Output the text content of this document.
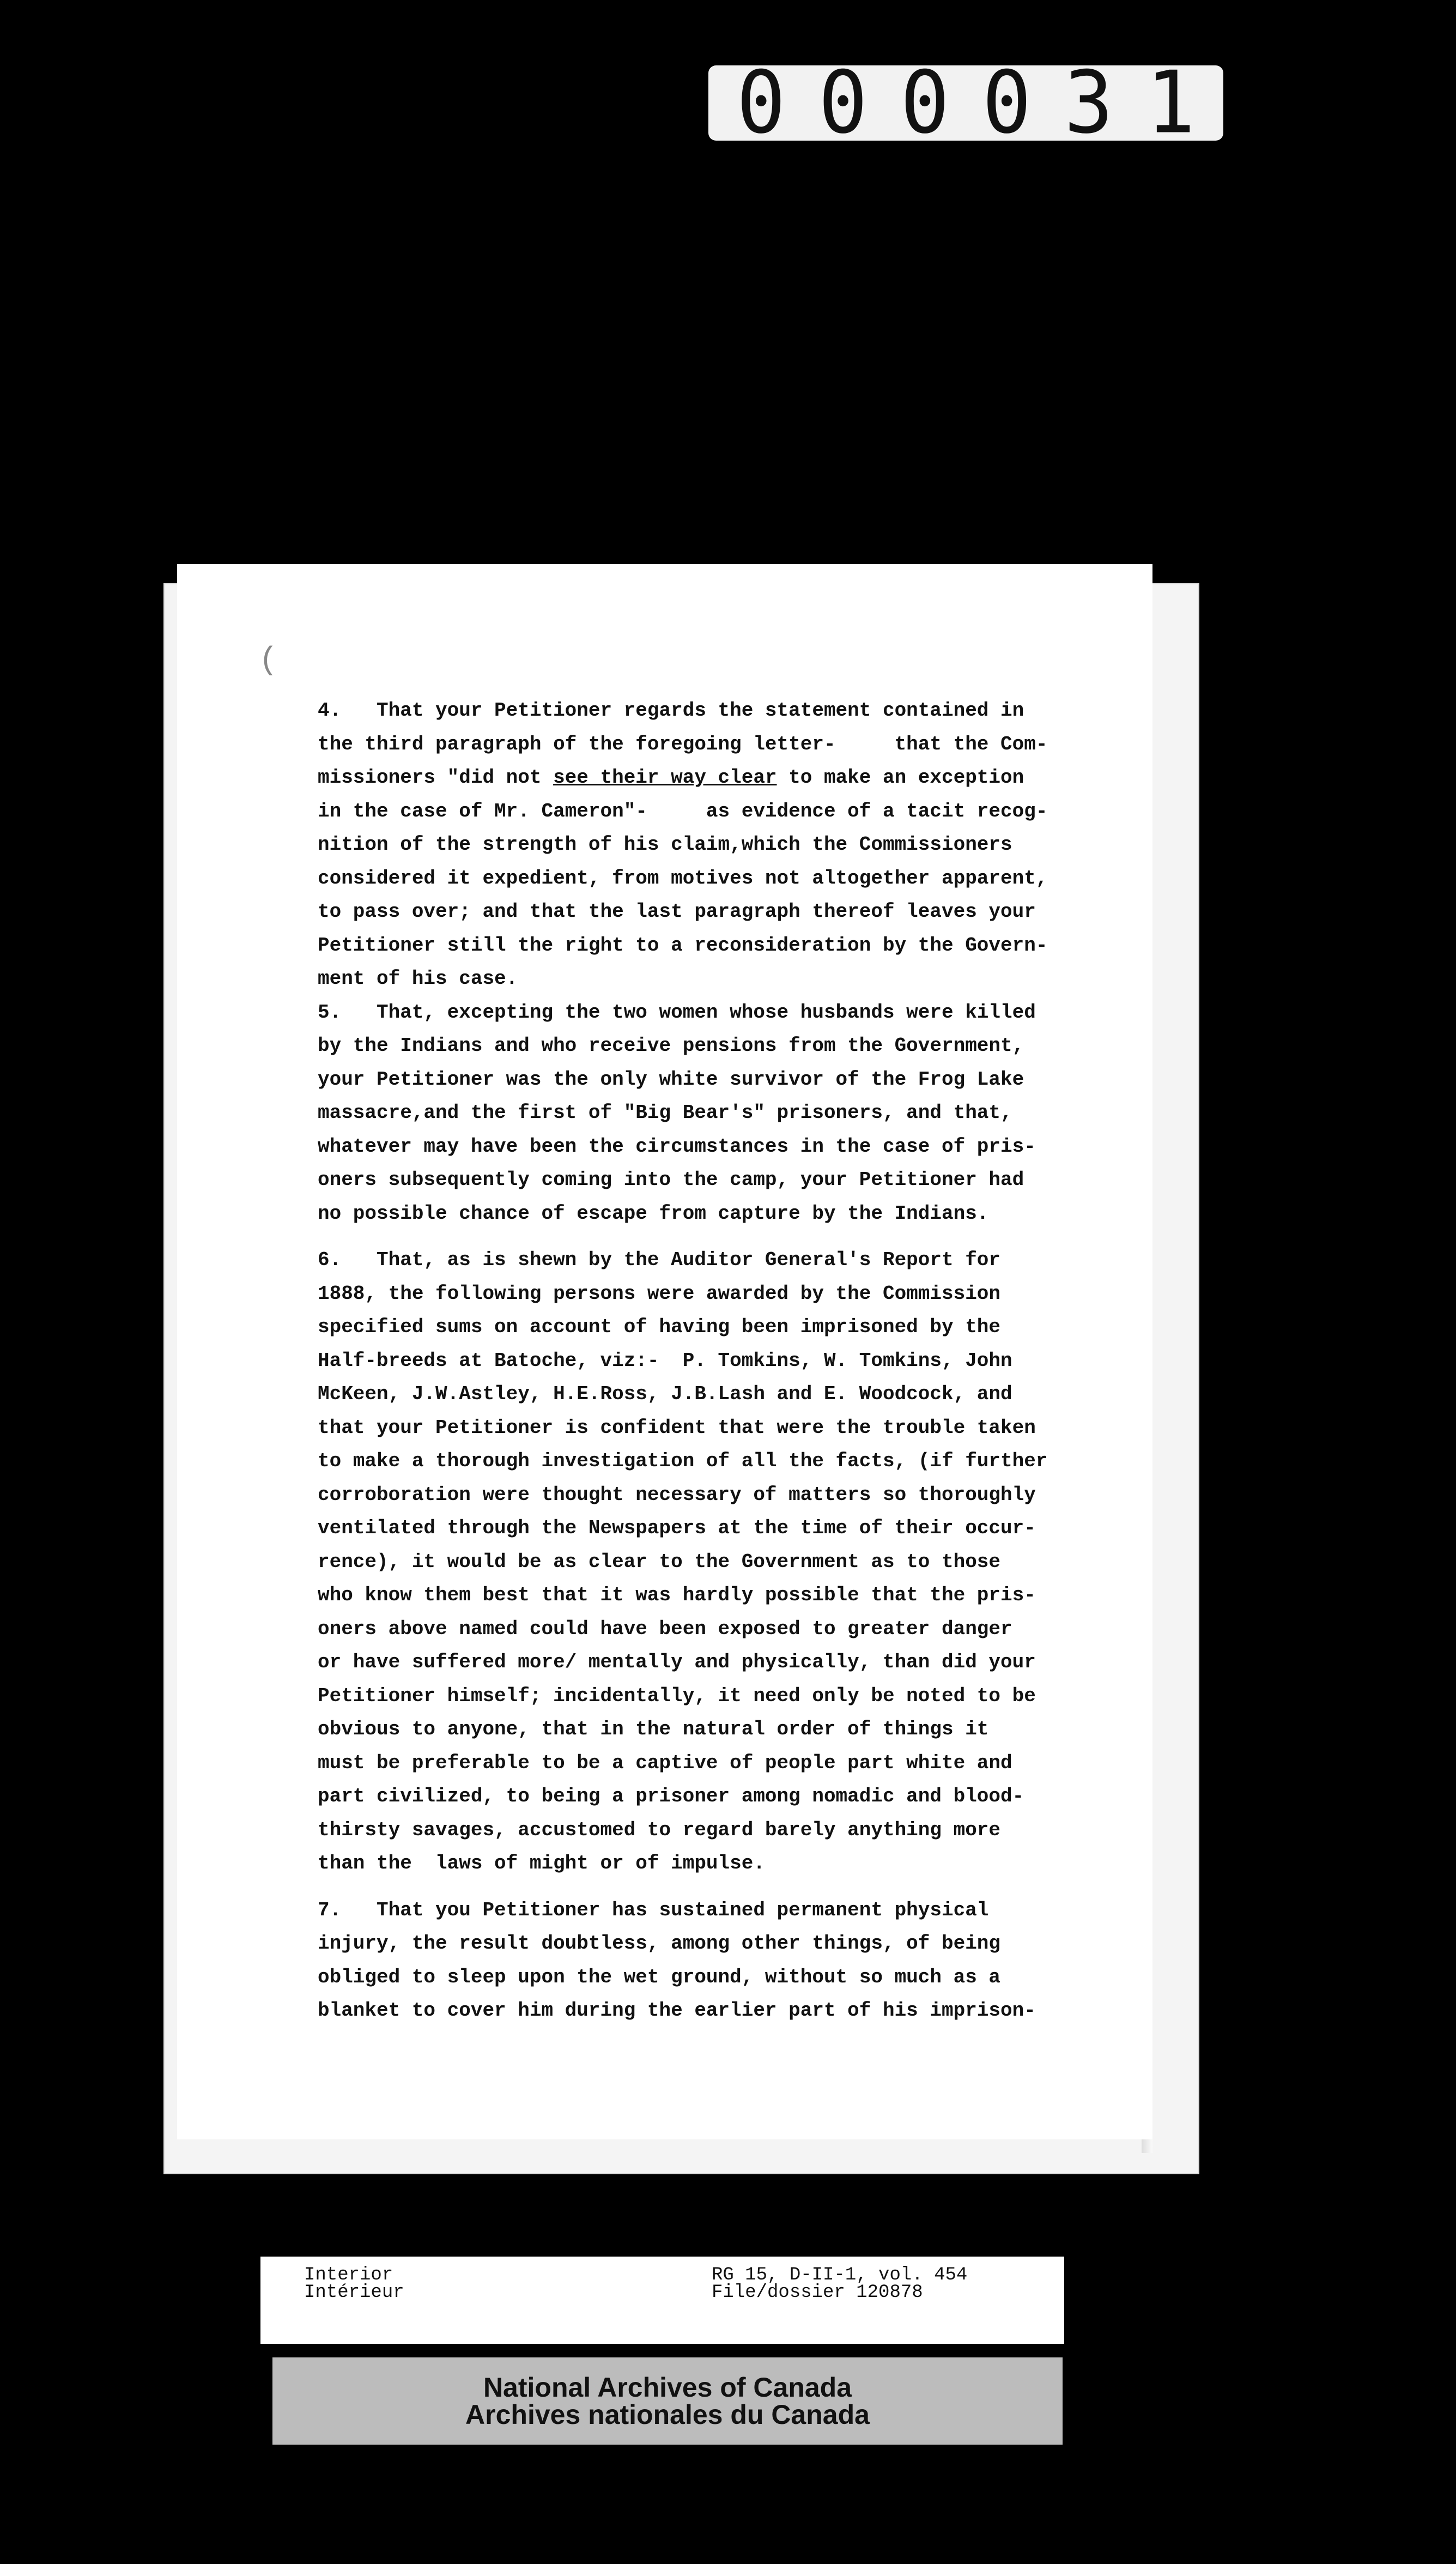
000031
(

4.   That your Petitioner regards the statement contained in
the third paragraph of the foregoing letter-     that the Com-
missioners "did not see their way clear to make an exception
in the case of Mr. Cameron"-     as evidence of a tacit recog-
nition of the strength of his claim,which the Commissioners
considered it expedient, from motives not altogether apparent,
to pass over; and that the last paragraph thereof leaves your
Petitioner still the right to a reconsideration by the Govern-
ment of his case.

5.   That, excepting the two women whose husbands were killed
by the Indians and who receive pensions from the Government,
your Petitioner was the only white survivor of the Frog Lake
massacre,and the first of "Big Bear's" prisoners, and that,
whatever may have been the circumstances in the case of pris-
oners subsequently coming into the camp, your Petitioner had
no possible chance of escape from capture by the Indians.

6.   That, as is shewn by the Auditor General's Report for
1888, the following persons were awarded by the Commission
specified sums on account of having been imprisoned by the
Half-breeds at Batoche, viz:-  P. Tomkins, W. Tomkins, John
McKeen, J.W.Astley, H.E.Ross, J.B.Lash and E. Woodcock, and
that your Petitioner is confident that were the trouble taken
to make a thorough investigation of all the facts, (if further
corroboration were thought necessary of matters so thoroughly
ventilated through the Newspapers at the time of their occur-
rence), it would be as clear to the Government as to those
who know them best that it was hardly possible that the pris-
oners above named could have been exposed to greater danger
or have suffered more/ mentally and physically, than did your
Petitioner himself; incidentally, it need only be noted to be
obvious to anyone, that in the natural order of things it
must be preferable to be a captive of people part white and
part civilized, to being a prisoner among nomadic and blood-
thirsty savages, accustomed to regard barely anything more
than the  laws of might or of impulse.

7.   That you Petitioner has sustained permanent physical
injury, the result doubtless, among other things, of being
obliged to sleep upon the wet ground, without so much as a
blanket to cover him during the earlier part of his imprison-

Interior
Intérieur
RG 15, D-II-1, vol. 454
File/dossier 120878
National Archives of Canada
Archives nationales du Canada
